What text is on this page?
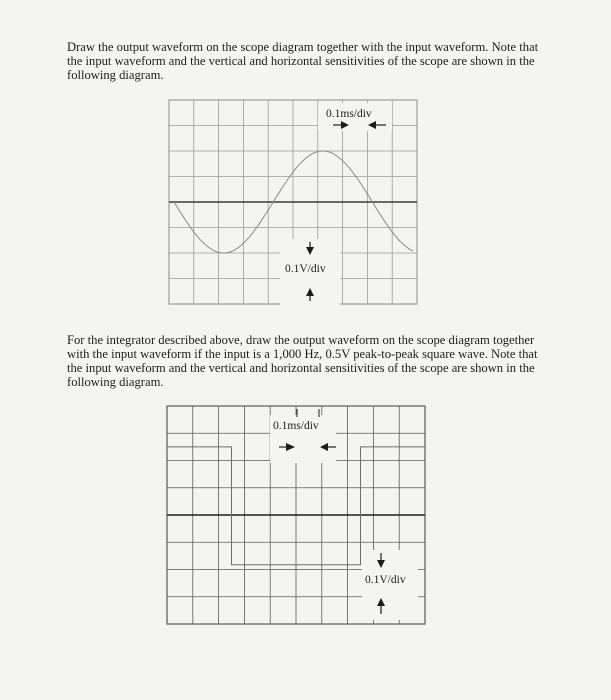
Draw the output waveform on the scope diagram together with the input waveform. Note that
the input waveform and the vertical and horizontal sensitivities of the scope are shown in the
following diagram.
0.1ms/div
0.1V/div
For the integrator described above, draw the output waveform on the scope diagram together
with the input waveform if the input is a 1,000 Hz, 0.5V peak-to-peak square wave. Note that
the input waveform and the vertical and horizontal sensitivities of the scope are shown in the
following diagram.
0.1ms/div
0.1V/div
